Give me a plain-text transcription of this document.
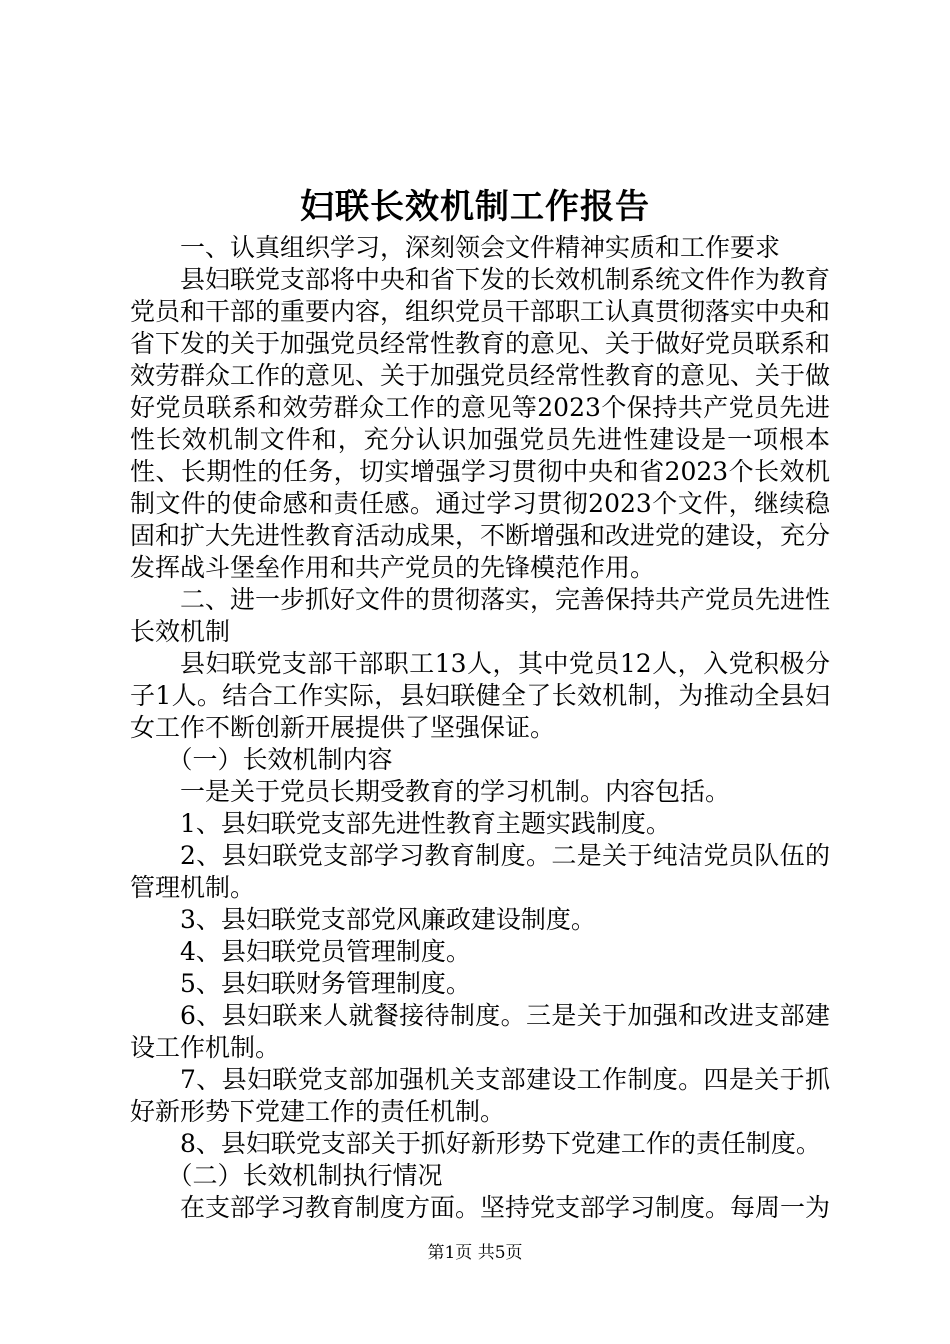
妇联长效机制工作报告

一、认真组织学习，深刻领会文件精神实质和工作要求

县妇联党支部将中央和省下发的长效机制系统文件作为教育党员和干部的重要内容，组织党员干部职工认真贯彻落实中央和省下发的关于加强党员经常性教育的意见、关于做好党员联系和效劳群众工作的意见、关于加强党员经常性教育的意见、关于做好党员联系和效劳群众工作的意见等2023个保持共产党员先进性长效机制文件和，充分认识加强党员先进性建设是一项根本性、长期性的任务，切实增强学习贯彻中央和省2023个长效机制文件的使命感和责任感。通过学习贯彻2023个文件，继续稳固和扩大先进性教育活动成果，不断增强和改进党的建设，充分发挥战斗堡垒作用和共产党员的先锋模范作用。

二、进一步抓好文件的贯彻落实，完善保持共产党员先进性长效机制

县妇联党支部干部职工13人，其中党员12人，入党积极分子1人。结合工作实际，县妇联健全了长效机制，为推动全县妇女工作不断创新开展提供了坚强保证。

（一）长效机制内容

一是关于党员长期受教育的学习机制。内容包括。

1、县妇联党支部先进性教育主题实践制度。

2、县妇联党支部学习教育制度。二是关于纯洁党员队伍的管理机制。

3、县妇联党支部党风廉政建设制度。

4、县妇联党员管理制度。

5、县妇联财务管理制度。

6、县妇联来人就餐接待制度。三是关于加强和改进支部建设工作机制。

7、县妇联党支部加强机关支部建设工作制度。四是关于抓好新形势下党建工作的责任机制。

8、县妇联党支部关于抓好新形势下党建工作的责任制度。

（二）长效机制执行情况

在支部学习教育制度方面。坚持党支部学习制度。每周一为

第1页 共5页
